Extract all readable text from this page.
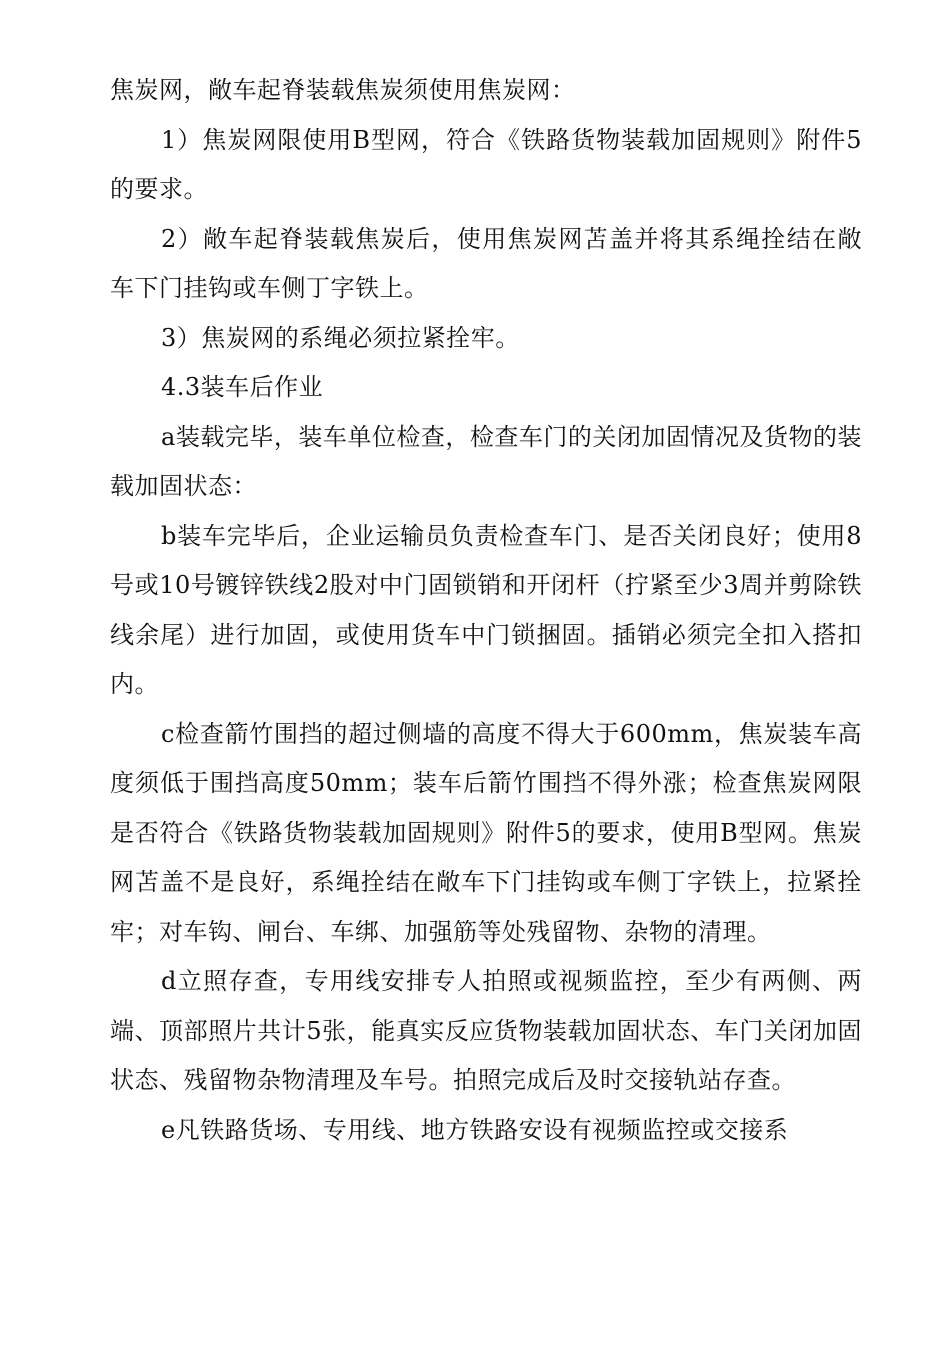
焦炭网，敞车起脊装载焦炭须使用焦炭网：

1）焦炭网限使用B型网，符合《铁路货物装载加固规则》附件5的要求。

2）敞车起脊装载焦炭后，使用焦炭网苫盖并将其系绳拴结在敞车下门挂钩或车侧丁字铁上。

3）焦炭网的系绳必须拉紧拴牢。

4.3装车后作业

a装载完毕，装车单位检查，检查车门的关闭加固情况及货物的装载加固状态：

b装车完毕后，企业运输员负责检查车门、是否关闭良好；使用8号或10号镀锌铁线2股对中门固锁销和开闭杆（拧紧至少3周并剪除铁线余尾）进行加固，或使用货车中门锁捆固。插销必须完全扣入搭扣内。

c检查箭竹围挡的超过侧墙的高度不得大于600mm，焦炭装车高度须低于围挡高度50mm；装车后箭竹围挡不得外涨；检查焦炭网限是否符合《铁路货物装载加固规则》附件5的要求，使用B型网。焦炭网苫盖不是良好，系绳拴结在敞车下门挂钩或车侧丁字铁上，拉紧拴牢；对车钩、闸台、车绑、加强筋等处残留物、杂物的清理。

d立照存查，专用线安排专人拍照或视频监控，至少有两侧、两端、顶部照片共计5张，能真实反应货物装载加固状态、车门关闭加固状态、残留物杂物清理及车号。拍照完成后及时交接轨站存查。

e凡铁路货场、专用线、地方铁路安设有视频监控或交接系
